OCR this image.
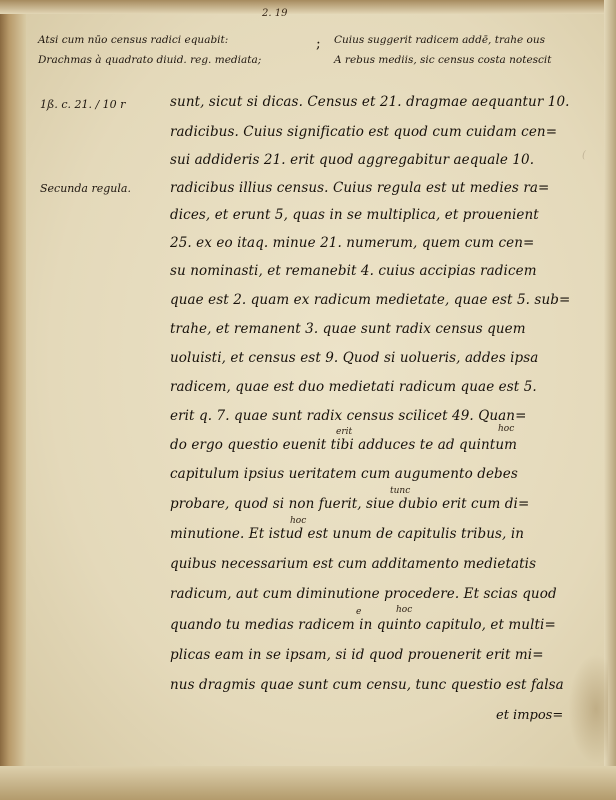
2. 19
Atsi cum nūo census radici equabit:
Drachmas à quadrato diuid. reg. mediata;
; Cuius suggerit radicem addē, trahe ous
A rebus mediis, sic census costa notescit
1ß. c. 21. / 10 r
Secunda regula.
(
sunt, sicut si dicas. Census et 21. dragmae aequantur 10.
radicibus. Cuius significatio est quod cum cuidam cen=
sui addideris 21. erit quod aggregabitur aequale 10.
radicibus illius census. Cuius regula est ut medies ra=
dices, et erunt 5, quas in se multiplica, et prouenient
25. ex eo itaq. minue 21. numerum, quem cum cen=
su nominasti, et remanebit 4. cuius accipias radicem
quae est 2. quam ex radicum medietate, quae est 5. sub=
trahe, et remanent 3. quae sunt radix census quem
uoluisti, et census est 9. Quod si uolueris, addes ipsa
radicem, quae est duo medietati radicum quae est 5.
erit q. 7. quae sunt radix census scilicet 49. Quan=
do ergo questio euenit tibi adduces te ad quintum
capitulum ipsius ueritatem cum augumento debes
probare, quod si non fuerit, siue dubio erit cum di=
minutione. Et istud est unum de capitulis tribus, in
quibus necessarium est cum additamento medietatis
radicum, aut cum diminutione procedere. Et scias quod
quando tu medias radicem in quinto capitulo, et multi=
plicas eam in se ipsam, si id quod prouenerit erit mi=
nus dragmis quae sunt cum censu, tunc questio est falsa
erit	hoc
tunc
hoc
e	hoc
et impos=
